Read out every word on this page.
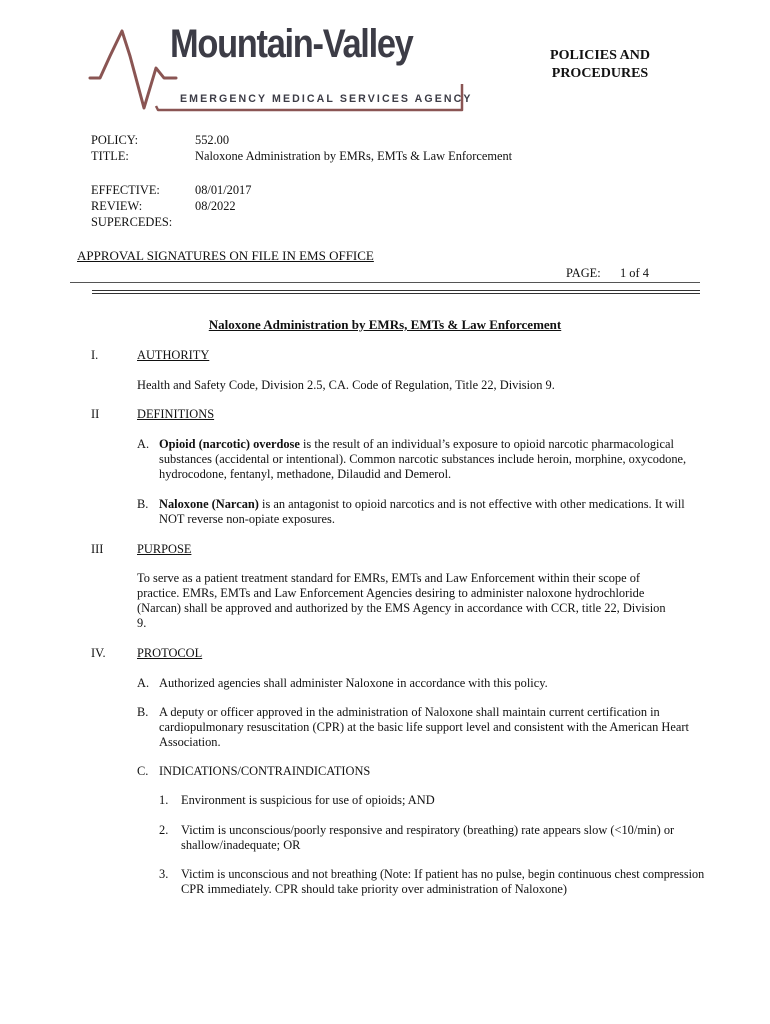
Mountain-Valley
EMERGENCY MEDICAL SERVICES AGENCY
POLICIES AND
PROCEDURES
POLICY:	552.00
TITLE:	Naloxone Administration by EMRs, EMTs & Law Enforcement
EFFECTIVE:	08/01/2017
REVIEW:	08/2022
SUPERCEDES:
APPROVAL SIGNATURES ON FILE IN EMS OFFICE
PAGE: 1 of 4
Naloxone Administration by EMRs, EMTs & Law Enforcement
I.	AUTHORITY
Health and Safety Code, Division 2.5, CA. Code of Regulation, Title 22, Division 9.
II	DEFINITIONS
A. Opioid (narcotic) overdose is the result of an individual’s exposure to opioid narcotic pharmacological
substances (accidental or intentional). Common narcotic substances include heroin, morphine, oxycodone,
hydrocodone, fentanyl, methadone, Dilaudid and Demerol.
B. Naloxone (Narcan) is an antagonist to opioid narcotics and is not effective with other medications. It will
NOT reverse non-opiate exposures.
III	PURPOSE
To serve as a patient treatment standard for EMRs, EMTs and Law Enforcement within their scope of
practice. EMRs, EMTs and Law Enforcement Agencies desiring to administer naloxone hydrochloride
(Narcan) shall be approved and authorized by the EMS Agency in accordance with CCR, title 22, Division
9.
IV.	PROTOCOL
A. Authorized agencies shall administer Naloxone in accordance with this policy.
B. A deputy or officer approved in the administration of Naloxone shall maintain current certification in
cardiopulmonary resuscitation (CPR) at the basic life support level and consistent with the American Heart
Association.
C. INDICATIONS/CONTRAINDICATIONS
1. Environment is suspicious for use of opioids; AND
2. Victim is unconscious/poorly responsive and respiratory (breathing) rate appears slow (<10/min) or
shallow/inadequate; OR
3. Victim is unconscious and not breathing (Note: If patient has no pulse, begin continuous chest compression
CPR immediately. CPR should take priority over administration of Naloxone)
